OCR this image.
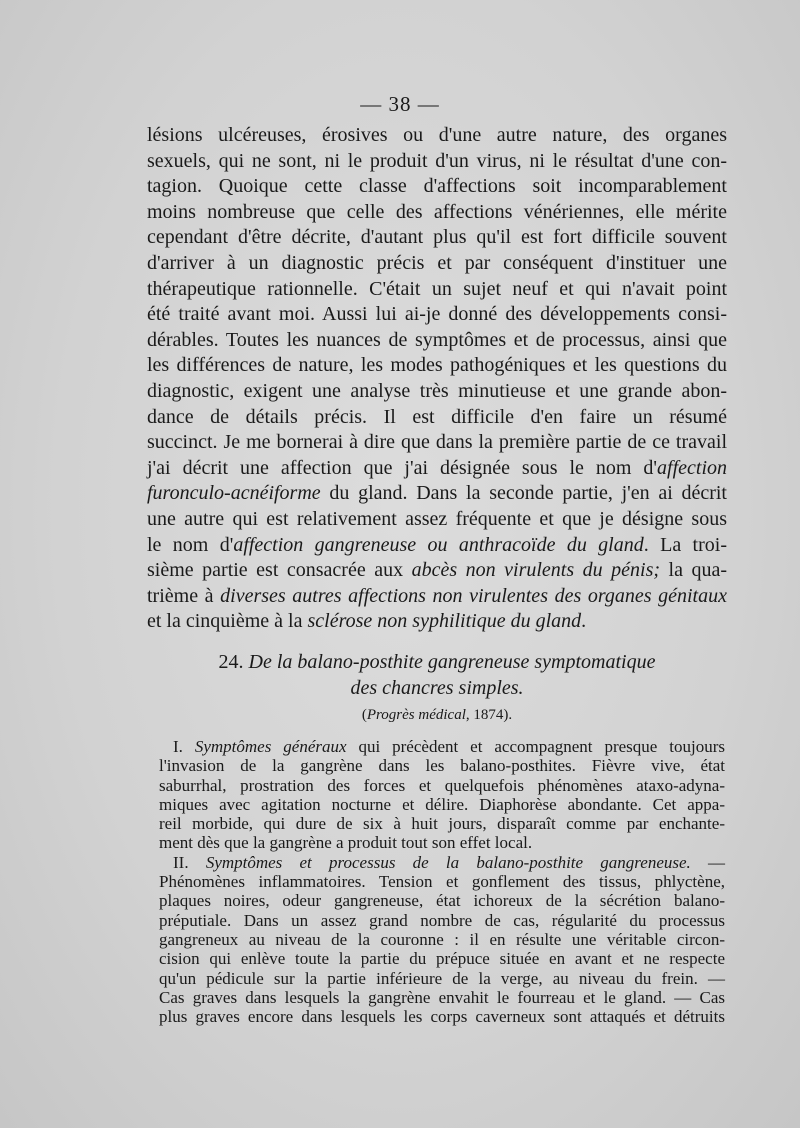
— 38 —
lésions ulcéreuses, érosives ou d'une autre nature, des organes
sexuels, qui ne sont, ni le produit d'un virus, ni le résultat d'une con-
tagion. Quoique cette classe d'affections soit incomparablement
moins nombreuse que celle des affections vénériennes, elle mérite
cependant d'être décrite, d'autant plus qu'il est fort difficile souvent
d'arriver à un diagnostic précis et par conséquent d'instituer une
thérapeutique rationnelle. C'était un sujet neuf et qui n'avait point
été traité avant moi. Aussi lui ai-je donné des développements consi-
dérables. Toutes les nuances de symptômes et de processus, ainsi que
les différences de nature, les modes pathogéniques et les questions du
diagnostic, exigent une analyse très minutieuse et une grande abon-
dance de détails précis. Il est difficile d'en faire un résumé
succinct. Je me bornerai à dire que dans la première partie de ce travail
j'ai décrit une affection que j'ai désignée sous le nom d'affection
furonculo-acnéiforme du gland. Dans la seconde partie, j'en ai décrit
une autre qui est relativement assez fréquente et que je désigne sous
le nom d'affection gangreneuse ou anthracoïde du gland. La troi-
sième partie est consacrée aux abcès non virulents du pénis; la qua-
trième à diverses autres affections non virulentes des organes génitaux
et la cinquième à la sclérose non syphilitique du gland.
24. De la balano-posthite gangreneuse symptomatique
des chancres simples.
(Progrès médical, 1874).
I. Symptômes généraux qui précèdent et accompagnent presque toujours
l'invasion de la gangrène dans les balano-posthites. Fièvre vive, état
saburrhal, prostration des forces et quelquefois phénomènes ataxo-adyna-
miques avec agitation nocturne et délire. Diaphorèse abondante. Cet appa-
reil morbide, qui dure de six à huit jours, disparaît comme par enchante-
ment dès que la gangrène a produit tout son effet local.
II. Symptômes et processus de la balano-posthite gangreneuse. —
Phénomènes inflammatoires. Tension et gonflement des tissus, phlyctène,
plaques noires, odeur gangreneuse, état ichoreux de la sécrétion balano-
préputiale. Dans un assez grand nombre de cas, régularité du processus
gangreneux au niveau de la couronne : il en résulte une véritable circon-
cision qui enlève toute la partie du prépuce située en avant et ne respecte
qu'un pédicule sur la partie inférieure de la verge, au niveau du frein. —
Cas graves dans lesquels la gangrène envahit le fourreau et le gland. — Cas
plus graves encore dans lesquels les corps caverneux sont attaqués et détruits
